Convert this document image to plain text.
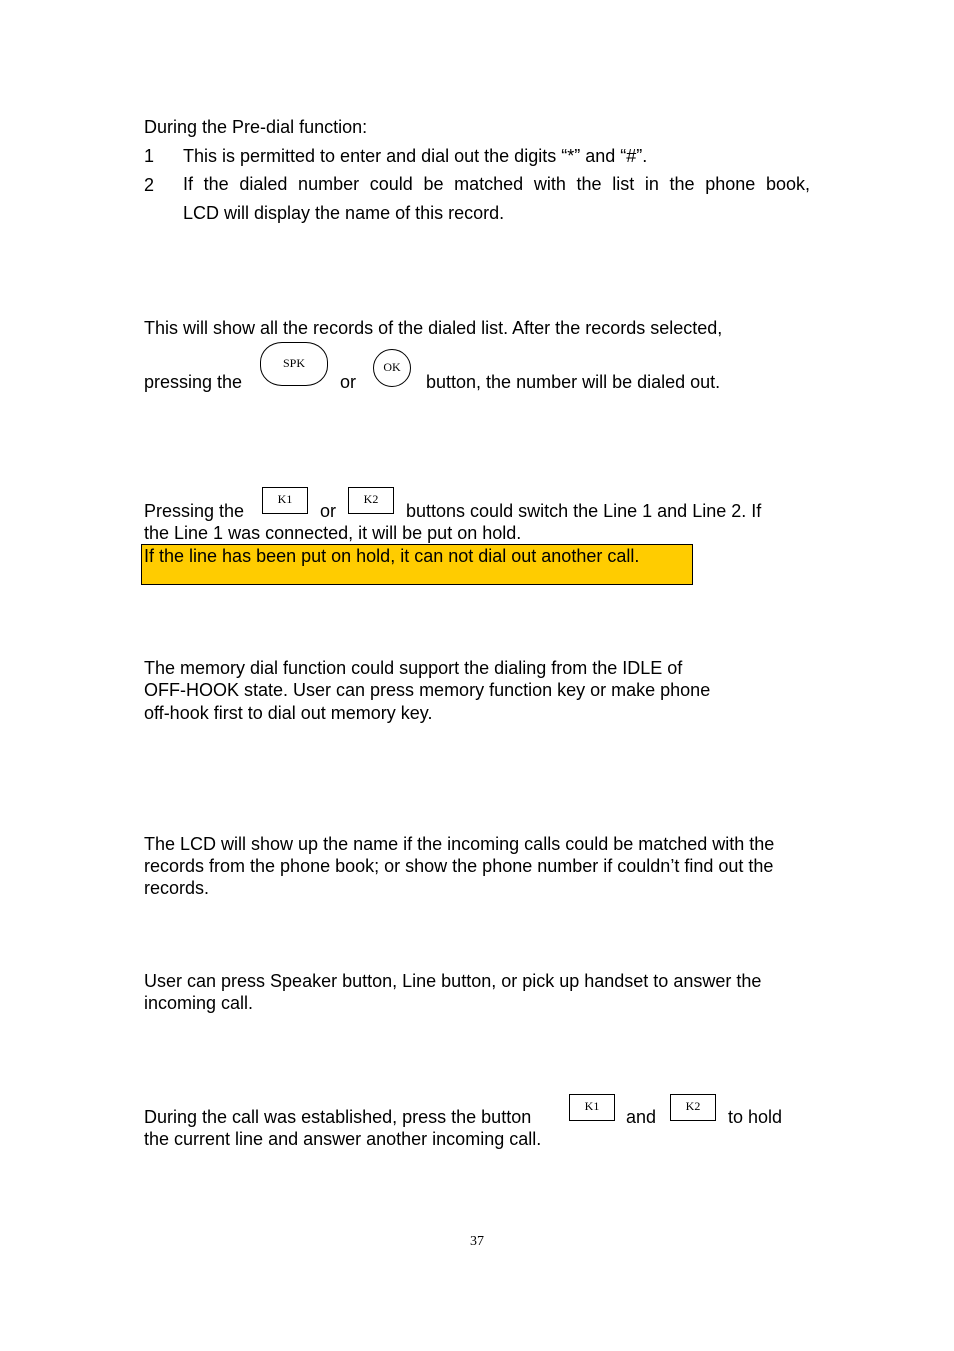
During the Pre-dial function:
1 This is permitted to enter and dial out the digits “*” and “#”.
2 If the dialed number could be matched with the list in the phone book,
LCD will display the name of this record.
This will show all the records of the dialed list. After the records selected,
pressing the
SPK
or
OK
button, the number will be dialed out.
Pressing the
K1
or
K2
buttons could switch the Line 1 and Line 2. If
the Line 1 was connected, it will be put on hold.
If the line has been put on hold, it can not dial out another call.
The memory dial function could support the dialing from the IDLE of
OFF-HOOK state. User can press memory function key or make phone
off-hook first to dial out memory key.
The LCD will show up the name if the incoming calls could be matched with the
records from the phone book; or show the phone number if couldn’t find out the
records.
User can press Speaker button, Line button, or pick up handset to answer the
incoming call.
During the call was established, press the button
K1
and
K2
to hold
the current line and answer another incoming call.
37
